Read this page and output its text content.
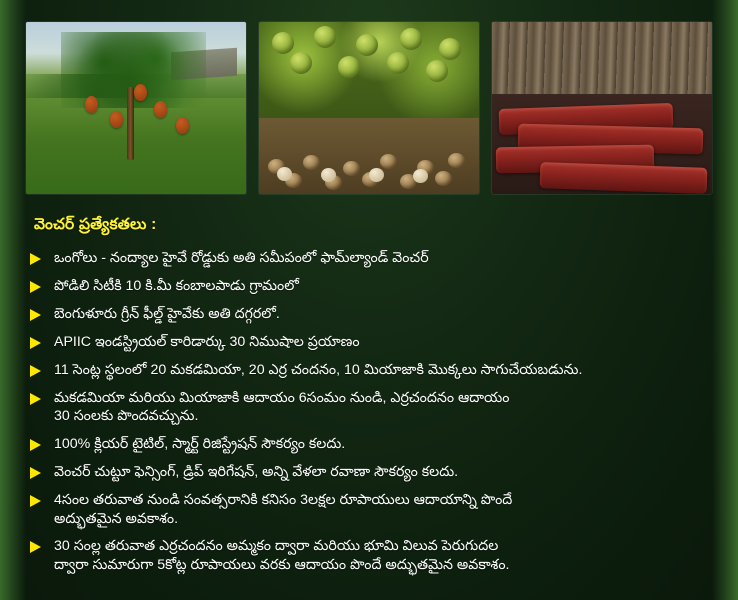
వెంచర్ ప్రత్యేకతలు :
ఒంగోలు - నంద్యాల హైవే రోడ్డుకు అతి సమీపంలో ఫామ్‌ల్యాండ్ వెంచర్
పోడిలి సిటీకి 10 కి.మీ కంబాలపాడు గ్రామంలో
బెంగుళూరు గ్రీన్ ఫీల్డ్ హైవేకు అతి దగ్గరలో.
APIIC ఇండస్ట్రియల్ కారిడార్కు 30 నిముషాల ప్రయాణం
11 సెంట్ల స్థలంలో 20 మకడమియా, 20 ఎర్ర చందనం, 10 మియాజాకి మొక్కలు సాగుచేయబడును.
మకడమియా మరియు మియాజాకి ఆదాయం 6సంమం నుండి, ఎర్రచందనం ఆదాయం
30 సంలకు పొందవచ్చును.
100% క్లియర్ టైటిల్, స్మార్ట్ రిజిస్ట్రేషన్ సౌకర్యం కలదు.
వెంచర్ చుట్టూ ఫెన్సింగ్, డ్రిప్ ఇరిగేషన్, అన్ని వేళలా రవాణా సౌకర్యం కలదు.
4సంల తరువాత నుండి సంవత్సరానికి కనిసం 3లక్షల రూపాయులు ఆదాయాన్ని పొందే
అద్భుతమైన అవకాశం.
30 సంల్ల తరువాత ఎర్రచందనం అమ్మకం ద్వారా మరియు భూమి విలువ పెరుగుదల
ద్వారా సుమారుగా 5కోట్ల రూపాయలు వరకు ఆదాయం పొందే అద్భుతమైన అవకాశం.
